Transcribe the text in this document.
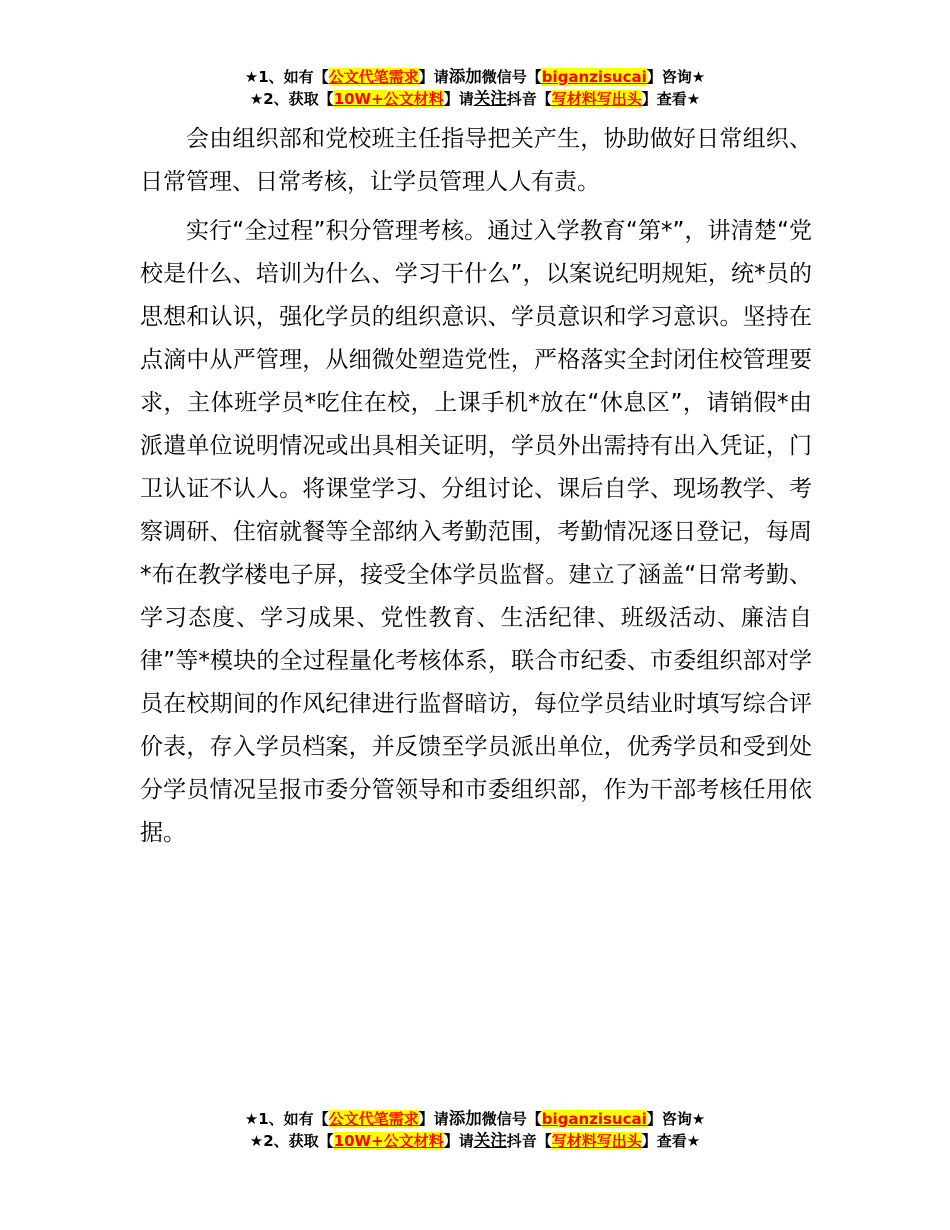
★1、如有【公文代笔需求】请添加微信号【biganzisucai】咨询★
★2、获取【10W+公文材料】请关注抖音【写材料写出头】查看★

会由组织部和党校班主任指导把关产生，协助做好日常组织、日常管理、日常考核，让学员管理人人有责。

实行“全过程”积分管理考核。通过入学教育“第*”，讲清楚“党校是什么、培训为什么、学习干什么”，以案说纪明规矩，统*员的思想和认识，强化学员的组织意识、学员意识和学习意识。坚持在点滴中从严管理，从细微处塑造党性，严格落实全封闭住校管理要求，主体班学员*吃住在校，上课手机*放在“休息区”，请销假*由派遣单位说明情况或出具相关证明，学员外出需持有出入凭证，门卫认证不认人。将课堂学习、分组讨论、课后自学、现场教学、考察调研、住宿就餐等全部纳入考勤范围，考勤情况逐日登记，每周*布在教学楼电子屏，接受全体学员监督。建立了涵盖“日常考勤、学习态度、学习成果、党性教育、生活纪律、班级活动、廉洁自律”等*模块的全过程量化考核体系，联合市纪委、市委组织部对学员在校期间的作风纪律进行监督暗访，每位学员结业时填写综合评价表，存入学员档案，并反馈至学员派出单位，优秀学员和受到处分学员情况呈报市委分管领导和市委组织部，作为干部考核任用依据。

★1、如有【公文代笔需求】请添加微信号【biganzisucai】咨询★
★2、获取【10W+公文材料】请关注抖音【写材料写出头】查看★
